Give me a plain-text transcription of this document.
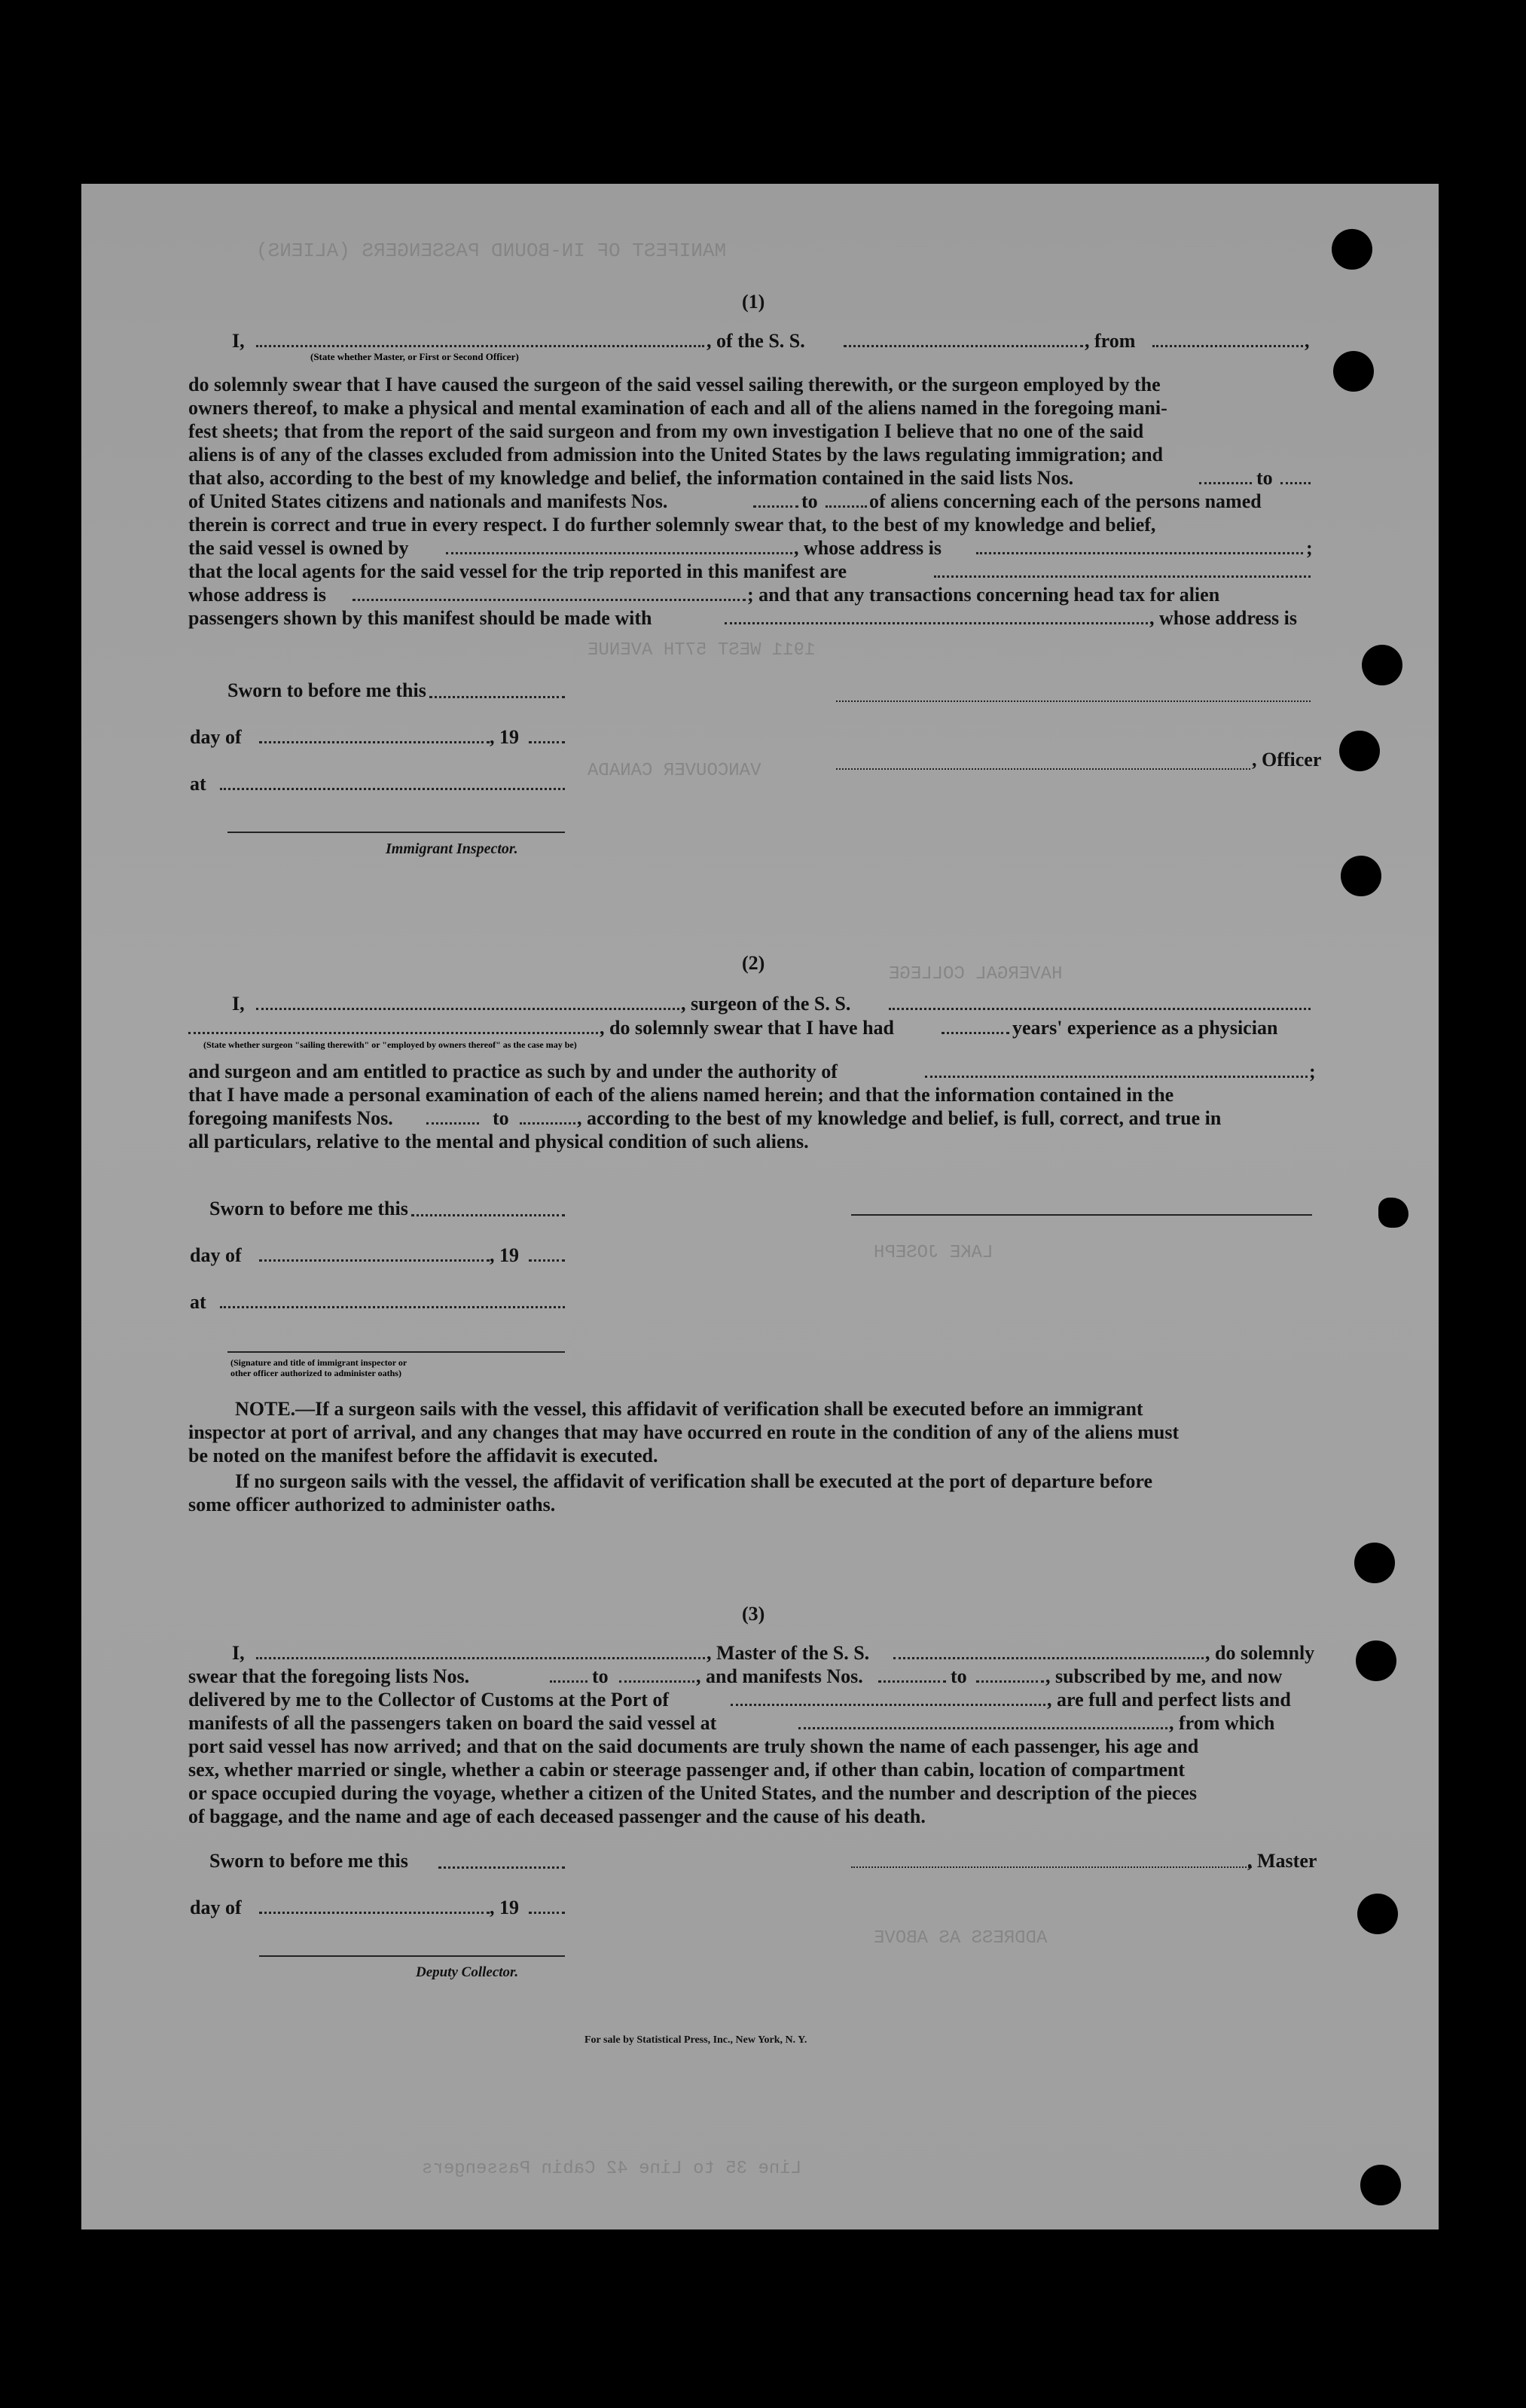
MANIFEST OF IN-BOUND PASSENGERS (ALIENS)
1911 WEST 57TH AVENUE
VANCOUVER CANADA
HAVERGAL COLLEGE
LAKE JOSEPH
ADDRESS AS ABOVE
Line 35 to Line 42 Cabin Passengers
(1)
I,	, of the S. S.	, from	,
(State whether Master, or First or Second Officer)
do solemnly swear that I have caused the surgeon of the said vessel sailing therewith, or the surgeon employed by the
owners thereof, to make a physical and mental examination of each and all of the aliens named in the foregoing mani-
fest sheets; that from the report of the said surgeon and from my own investigation I believe that no one of the said
aliens is of any of the classes excluded from admission into the United States by the laws regulating immigration; and
that also, according to the best of my knowledge and belief, the information contained in the said lists Nos.	to
of United States citizens and nationals and manifests Nos.	to	of aliens concerning each of the persons named
therein is correct and true in every respect. I do further solemnly swear that, to the best of my knowledge and belief,
the said vessel is owned by	, whose address is	;
that the local agents for the said vessel for the trip reported in this manifest are
whose address is	; and that any transactions concerning head tax for alien
passengers shown by this manifest should be made with	, whose address is
Sworn to before me this
day of	, 19
at
Immigrant Inspector.
, Officer
(2)
I,	, surgeon of the S. S.
, do solemnly swear that I have had	years' experience as a physician
(State whether surgeon "sailing therewith" or "employed by owners thereof" as the case may be)
and surgeon and am entitled to practice as such by and under the authority of	;
that I have made a personal examination of each of the aliens named herein; and that the information contained in the
foregoing manifests Nos.	to	, according to the best of my knowledge and belief, is full, correct, and true in
all particulars, relative to the mental and physical condition of such aliens.
Sworn to before me this
day of	, 19
at
(Signature and title of immigrant inspector or
other officer authorized to administer oaths)
NOTE.—If a surgeon sails with the vessel, this affidavit of verification shall be executed before an immigrant
inspector at port of arrival, and any changes that may have occurred en route in the condition of any of the aliens must
be noted on the manifest before the affidavit is executed.
If no surgeon sails with the vessel, the affidavit of verification shall be executed at the port of departure before
some officer authorized to administer oaths.
(3)
I,	, Master of the S. S.	, do solemnly
swear that the foregoing lists Nos.	to	, and manifests Nos.	to	, subscribed by me, and now
delivered by me to the Collector of Customs at the Port of	, are full and perfect lists and
manifests of all the passengers taken on board the said vessel at	, from which
port said vessel has now arrived; and that on the said documents are truly shown the name of each passenger, his age and
sex, whether married or single, whether a cabin or steerage passenger and, if other than cabin, location of compartment
or space occupied during the voyage, whether a citizen of the United States, and the number and description of the pieces
of baggage, and the name and age of each deceased passenger and the cause of his death.
Sworn to before me this	, Master
day of	, 19
Deputy Collector.
For sale by Statistical Press, Inc., New York, N. Y.
